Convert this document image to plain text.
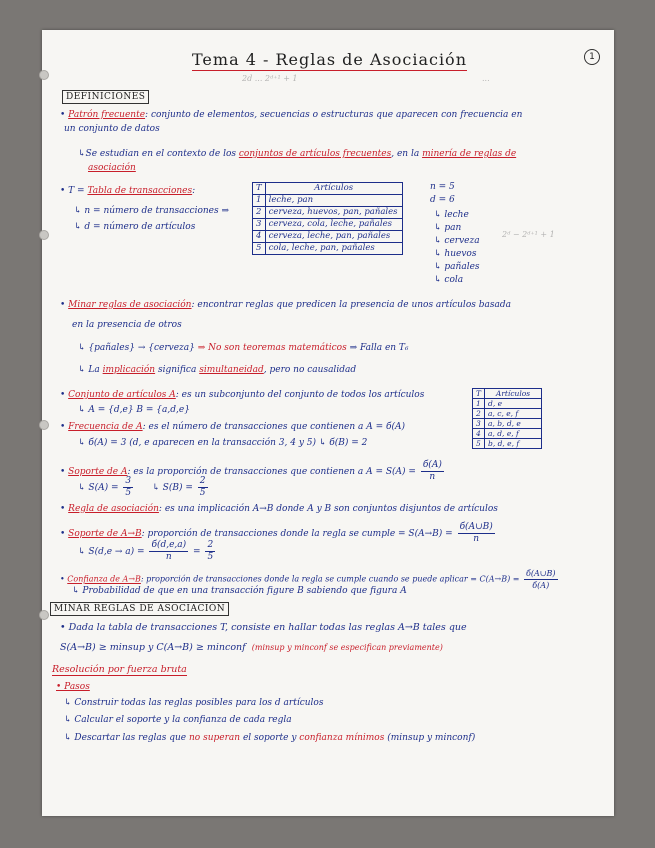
2d ... 2ᵈ⁺¹ + 1	...
2ᵈ − 2ᵈ⁺¹ + 1
Tema 4 - Reglas de Asociación	1
DEFINICIONES
• Patrón frecuente: conjunto de elementos, secuencias o estructuras que aparecen con frecuencia en
un conjunto de datos
↳Se estudian en el contexto de los conjuntos de artículos frecuentes, en la minería de reglas de
asociación
• T = Tabla de transacciones:
↳ n = número de transacciones ⇒
↳ d = número de artículos
T	Artículos
1	leche, pan
2	cerveza, huevos, pan, pañales
3	cerveza, cola, leche, pañales
4	cerveza, leche, pan, pañales
5	cola, leche, pan, pañales
n = 5
d = 6
↳ leche
↳ pan
↳ cerveza
↳ huevos
↳ pañales
↳ cola
• Minar reglas de asociación: encontrar reglas que predicen la presencia de unos artículos basada
en la presencia de otros
↳ {pañales} → {cerveza} ⇒ No son teoremas matemáticos ⇒ Falla en T₆
↳ La implicación significa simultaneidad, pero no causalidad
• Conjunto de artículos A: es un subconjunto del conjunto de todos los artículos
↳ A = {d,e} B = {a,d,e}
T	Artículos
1	d, e
2	a, c, e, f
3	a, b, d, e
4	a, d, e, f
5	b, d, e, f
• Frecuencia de A: es el número de transacciones que contienen a A = б(A)
↳ б(A) = 3 (d, e aparecen en la transacción 3, 4 y 5) ↳ б(B) = 2
• Soporte de A: es la proporción de transacciones que contienen a $A = S(A) = \frac{б(A)}{n}$
↳ $S(A) = \frac{3}{5}$ ↳ $S(B) = \frac{2}{5}$
• Regla de asociación: es una implicación A→B donde A y B son conjuntos disjuntos de artículos
• Soporte de A→B: proporción de transacciones donde la regla se cumple = $S(A\to B) = \frac{б(A\cup B)}{n}$
↳ $S(d,e \to a) = \frac{б(d,e,a)}{n} = \frac{2}{5}$
• Confianza de A→B: proporción de transacciones donde la regla se cumple cuando se puede aplicar = $C(A\to B) = \frac{б(A\cup B)}{б(A)}$
↳ Probabilidad de que en una transacción figure B sabiendo que figura A
MINAR REGLAS DE ASOCIACIÓN
• Dada la tabla de transacciones T, consiste en hallar todas las reglas A→B tales que
S(A→B) ≥ minsup y C(A→B) ≥ minconf (minsup y minconf se especifican previamente)
Resolución por fuerza bruta
• Pasos
↳ Construir todas las reglas posibles para los d artículos
↳ Calcular el soporte y la confianza de cada regla
↳ Descartar las reglas que no superan el soporte y confianza mínimos (minsup y minconf)
